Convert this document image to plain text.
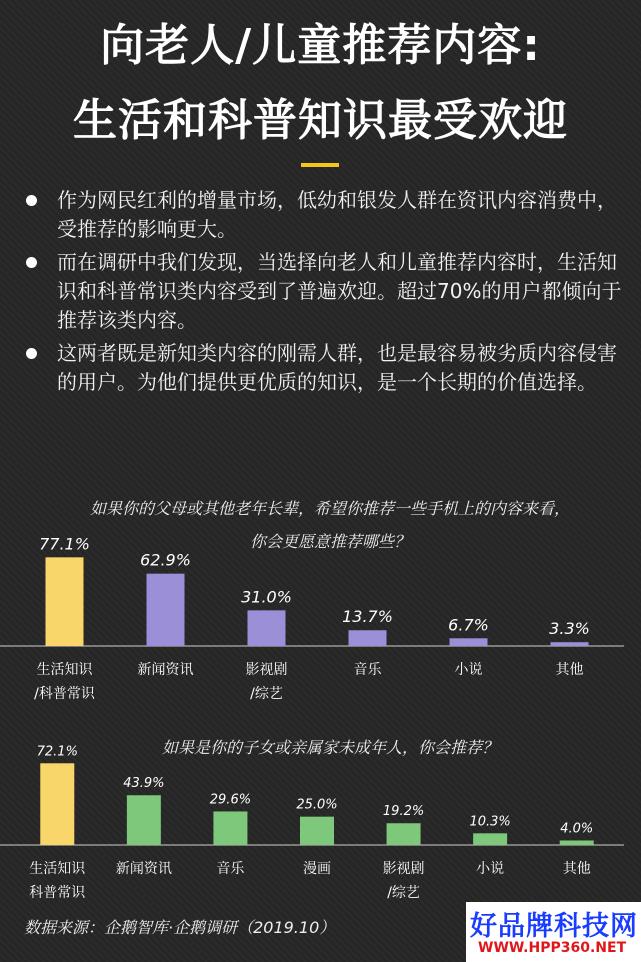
向老人/儿童推荐内容:
生活和科普知识最受欢迎
作为网民红利的增量市场，低幼和银发人群在资讯内容消费中，受推荐的影响更大。
而在调研中我们发现，当选择向老人和儿童推荐内容时，生活知识和科普常识类内容受到了普遍欢迎。超过70%的用户都倾向于推荐该类内容。
这两者既是新知类内容的刚需人群，也是最容易被劣质内容侵害的用户。为他们提供更优质的知识，是一个长期的价值选择。
如果你的父母或其他老年长辈，希望你推荐一些手机上的内容来看，
你会更愿意推荐哪些？
77.1%
生活知识
/科普常识
62.9%
新闻资讯
31.0%
影视剧
/综艺
13.7%
音乐
6.7%
小说
3.3%
其他
如果是你的子女或亲属家未成年人，你会推荐？
72.1%
生活知识
科普常识
43.9%
新闻资讯
29.6%
音乐
25.0%
漫画
19.2%
影视剧
/综艺
10.3%
小说
4.0%
其他
数据来源：企鹅智库·企鹅调研（2019.10）	好品牌科技网
WWW.HPP360.NET
